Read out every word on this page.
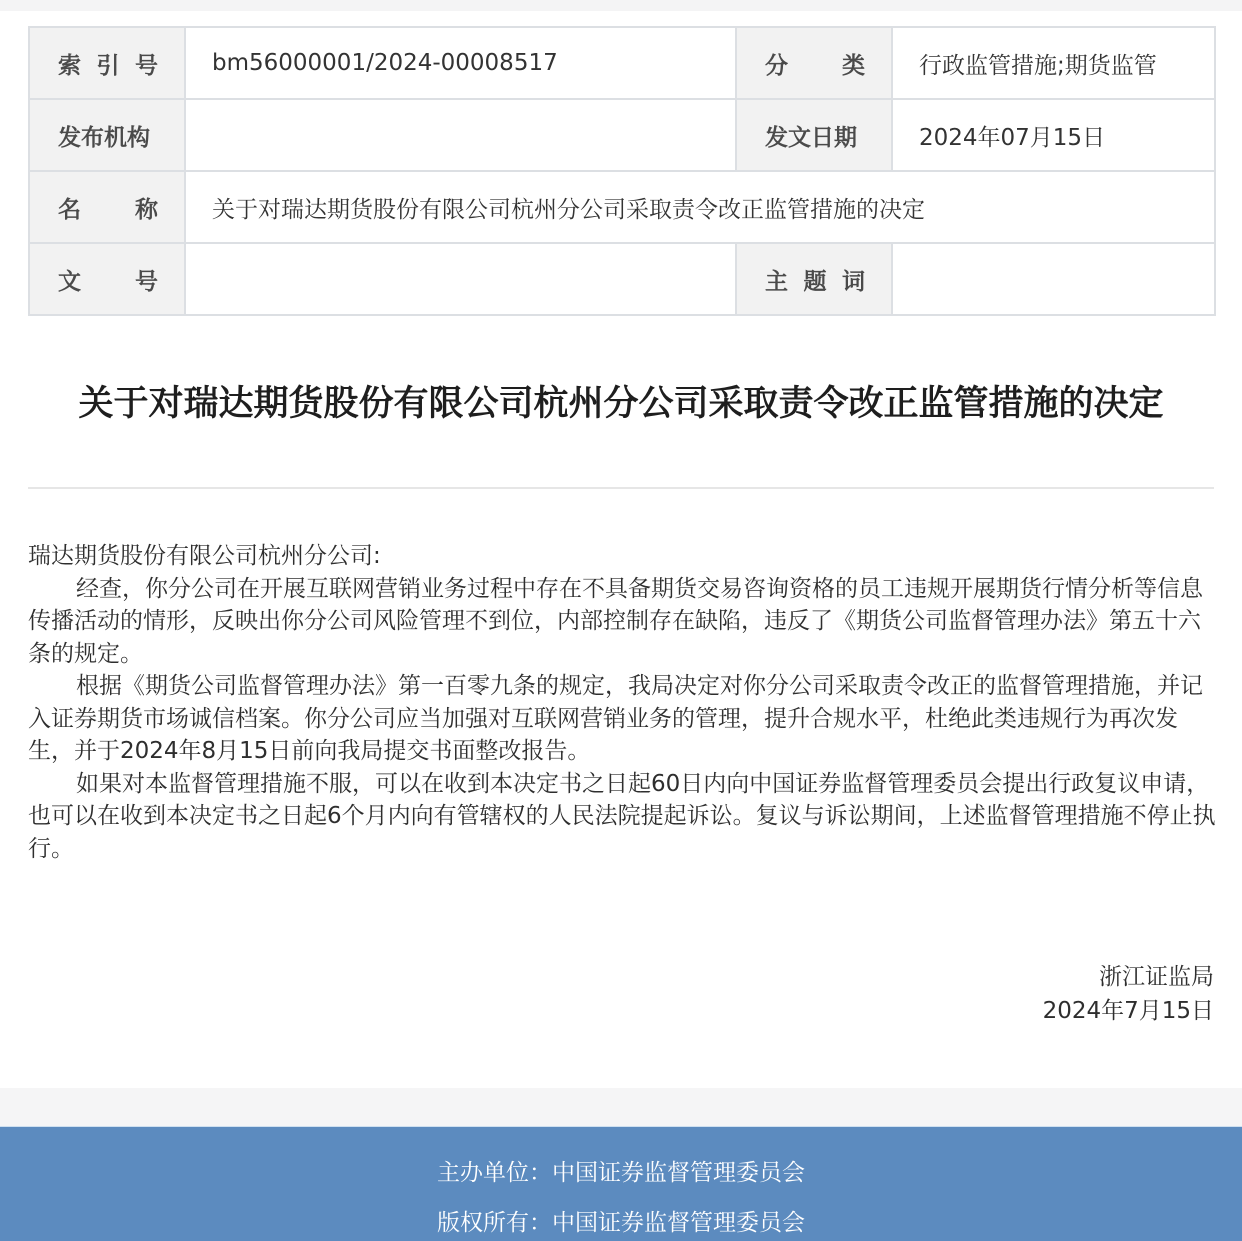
索 引 号	bm56000001/2024-00008517	分 类	行政监管措施;期货监管

发布机构		发文日期	2024年07月15日

名 称	关于对瑞达期货股份有限公司杭州分公司采取责令改正监管措施的决定		

文 号		主 题 词	

关于对瑞达期货股份有限公司杭州分公司采取责令改正监管措施的决定

瑞达期货股份有限公司杭州分公司:

经查，你分公司在开展互联网营销业务过程中存在不具备期货交易咨询资格的员工违规开展期货行情分析等信息传播活动的情形，反映出你分公司风险管理不到位，内部控制存在缺陷，违反了《期货公司监督管理办法》第五十六条的规定。

根据《期货公司监督管理办法》第一百零九条的规定，我局决定对你分公司采取责令改正的监督管理措施，并记入证券期货市场诚信档案。你分公司应当加强对互联网营销业务的管理，提升合规水平，杜绝此类违规行为再次发生，并于2024年8月15日前向我局提交书面整改报告。

如果对本监督管理措施不服，可以在收到本决定书之日起60日内向中国证券监督管理委员会提出行政复议申请，也可以在收到本决定书之日起6个月内向有管辖权的人民法院提起诉讼。复议与诉讼期间，上述监督管理措施不停止执行。

浙江证监局
2024年7月15日
主办单位：中国证券监督管理委员会
版权所有：中国证券监督管理委员会
